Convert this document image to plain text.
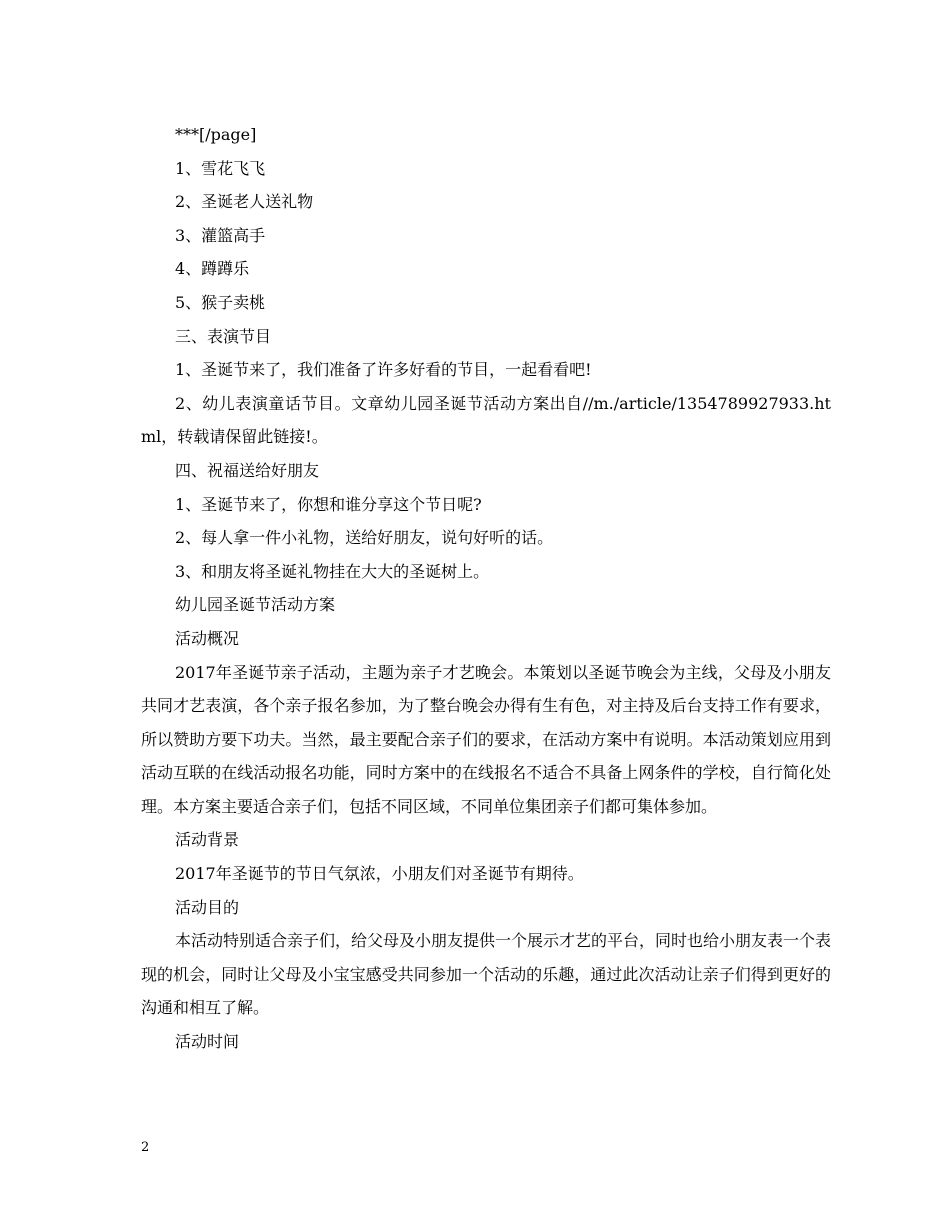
***[/page]

1、雪花飞飞

2、圣诞老人送礼物

3、灌篮高手

4、蹲蹲乐

5、猴子卖桃

三、表演节目

1、圣诞节来了，我们准备了许多好看的节目，一起看看吧!

2、幼儿表演童话节目。文章幼儿园圣诞节活动方案出自//m./article/1354789927933.html，转载请保留此链接!。

四、祝福送给好朋友

1、圣诞节来了，你想和谁分享这个节日呢?

2、每人拿一件小礼物，送给好朋友，说句好听的话。

3、和朋友将圣诞礼物挂在大大的圣诞树上。

幼儿园圣诞节活动方案

活动概况

2017年圣诞节亲子活动，主题为亲子才艺晚会。本策划以圣诞节晚会为主线，父母及小朋友共同才艺表演，各个亲子报名参加，为了整台晚会办得有生有色，对主持及后台支持工作有要求，所以赞助方要下功夫。当然，最主要配合亲子们的要求，在活动方案中有说明。本活动策划应用到活动互联的在线活动报名功能，同时方案中的在线报名不适合不具备上网条件的学校，自行简化处理。本方案主要适合亲子们，包括不同区域，不同单位集团亲子们都可集体参加。

活动背景

2017年圣诞节的节日气氛浓，小朋友们对圣诞节有期待。

活动目的

本活动特别适合亲子们，给父母及小朋友提供一个展示才艺的平台，同时也给小朋友表一个表现的机会，同时让父母及小宝宝感受共同参加一个活动的乐趣，通过此次活动让亲子们得到更好的沟通和相互了解。

活动时间

2
